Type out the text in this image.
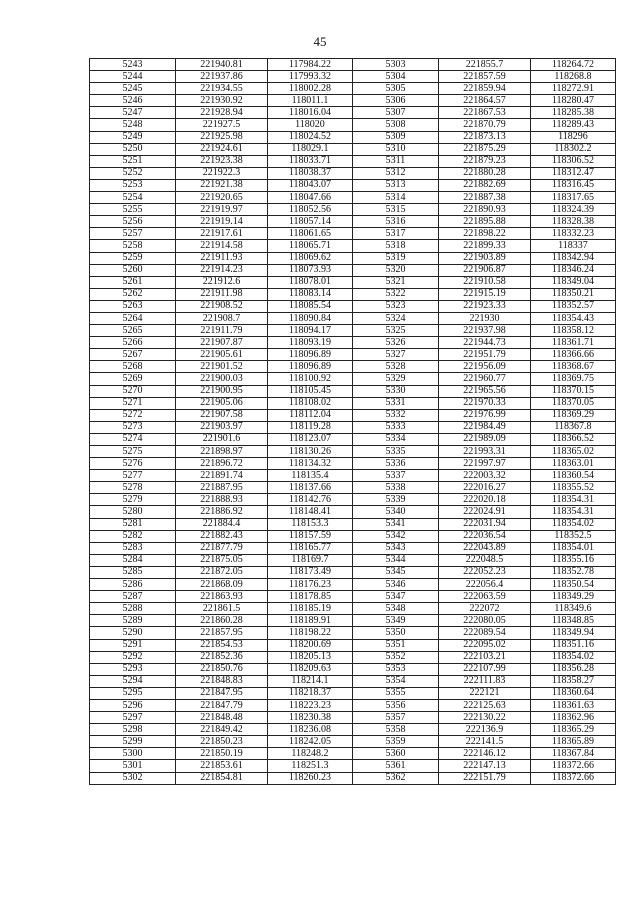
45
5243	221940.81	117984.22	5303	221855.7	118264.72
5244	221937.86	117993.32	5304	221857.59	118268.8
5245	221934.55	118002.28	5305	221859.94	118272.91
5246	221930.92	118011.1	5306	221864.57	118280.47
5247	221928.94	118016.04	5307	221867.53	118285.38
5248	221927.5	118020	5308	221870.79	118289.43
5249	221925.98	118024.52	5309	221873.13	118296
5250	221924.61	118029.1	5310	221875.29	118302.2
5251	221923.38	118033.71	5311	221879.23	118306.52
5252	221922.3	118038.37	5312	221880.28	118312.47
5253	221921.38	118043.07	5313	221882.69	118316.45
5254	221920.65	118047.66	5314	221887.38	118317.65
5255	221919.97	118052.56	5315	221890.93	118324.39
5256	221919.14	118057.14	5316	221895.88	118328.38
5257	221917.61	118061.65	5317	221898.22	118332.23
5258	221914.58	118065.71	5318	221899.33	118337
5259	221911.93	118069.62	5319	221903.89	118342.94
5260	221914.23	118073.93	5320	221906.87	118346.24
5261	221912.6	118078.01	5321	221910.58	118349.04
5262	221911.98	118083.14	5322	221915.19	118350.21
5263	221908.52	118085.54	5323	221923.33	118352.57
5264	221908.7	118090.84	5324	221930	118354.43
5265	221911.79	118094.17	5325	221937.98	118358.12
5266	221907.87	118093.19	5326	221944.73	118361.71
5267	221905.61	118096.89	5327	221951.79	118366.66
5268	221901.52	118096.89	5328	221956.09	118368.67
5269	221900.03	118100.92	5329	221960.77	118369.75
5270	221900.95	118105.45	5330	221965.56	118370.15
5271	221905.06	118108.02	5331	221970.33	118370.05
5272	221907.58	118112.04	5332	221976.99	118369.29
5273	221903.97	118119.28	5333	221984.49	118367.8
5274	221901.6	118123.07	5334	221989.09	118366.52
5275	221898.97	118130.26	5335	221993.31	118365.02
5276	221896.72	118134.32	5336	221997.97	118363.01
5277	221891.74	118135.4	5337	222003.32	118360.54
5278	221887.95	118137.66	5338	222016.27	118355.52
5279	221888.93	118142.76	5339	222020.18	118354.31
5280	221886.92	118148.41	5340	222024.91	118354.31
5281	221884.4	118153.3	5341	222031.94	118354.02
5282	221882.43	118157.59	5342	222036.54	118352.5
5283	221877.79	118165.77	5343	222043.89	118354.01
5284	221875.05	118169.7	5344	222048.5	118355.16
5285	221872.05	118173.49	5345	222052.23	118352.78
5286	221868.09	118176.23	5346	222056.4	118350.54
5287	221863.93	118178.85	5347	222063.59	118349.29
5288	221861.5	118185.19	5348	222072	118349.6
5289	221860.28	118189.91	5349	222080.05	118348.85
5290	221857.95	118198.22	5350	222089.54	118349.94
5291	221854.53	118200.69	5351	222095.02	118351.16
5292	221852.36	118205.13	5352	222103.21	118354.02
5293	221850.76	118209.63	5353	222107.99	118356.28
5294	221848.83	118214.1	5354	222111.83	118358.27
5295	221847.95	118218.37	5355	222121	118360.64
5296	221847.79	118223.23	5356	222125.63	118361.63
5297	221848.48	118230.38	5357	222130.22	118362.96
5298	221849.42	118236.08	5358	222136.9	118365.29
5299	221850.23	118242.05	5359	222141.5	118365.89
5300	221850.19	118248.2	5360	222146.12	118367.84
5301	221853.61	118251.3	5361	222147.13	118372.66
5302	221854.81	118260.23	5362	222151.79	118372.66
